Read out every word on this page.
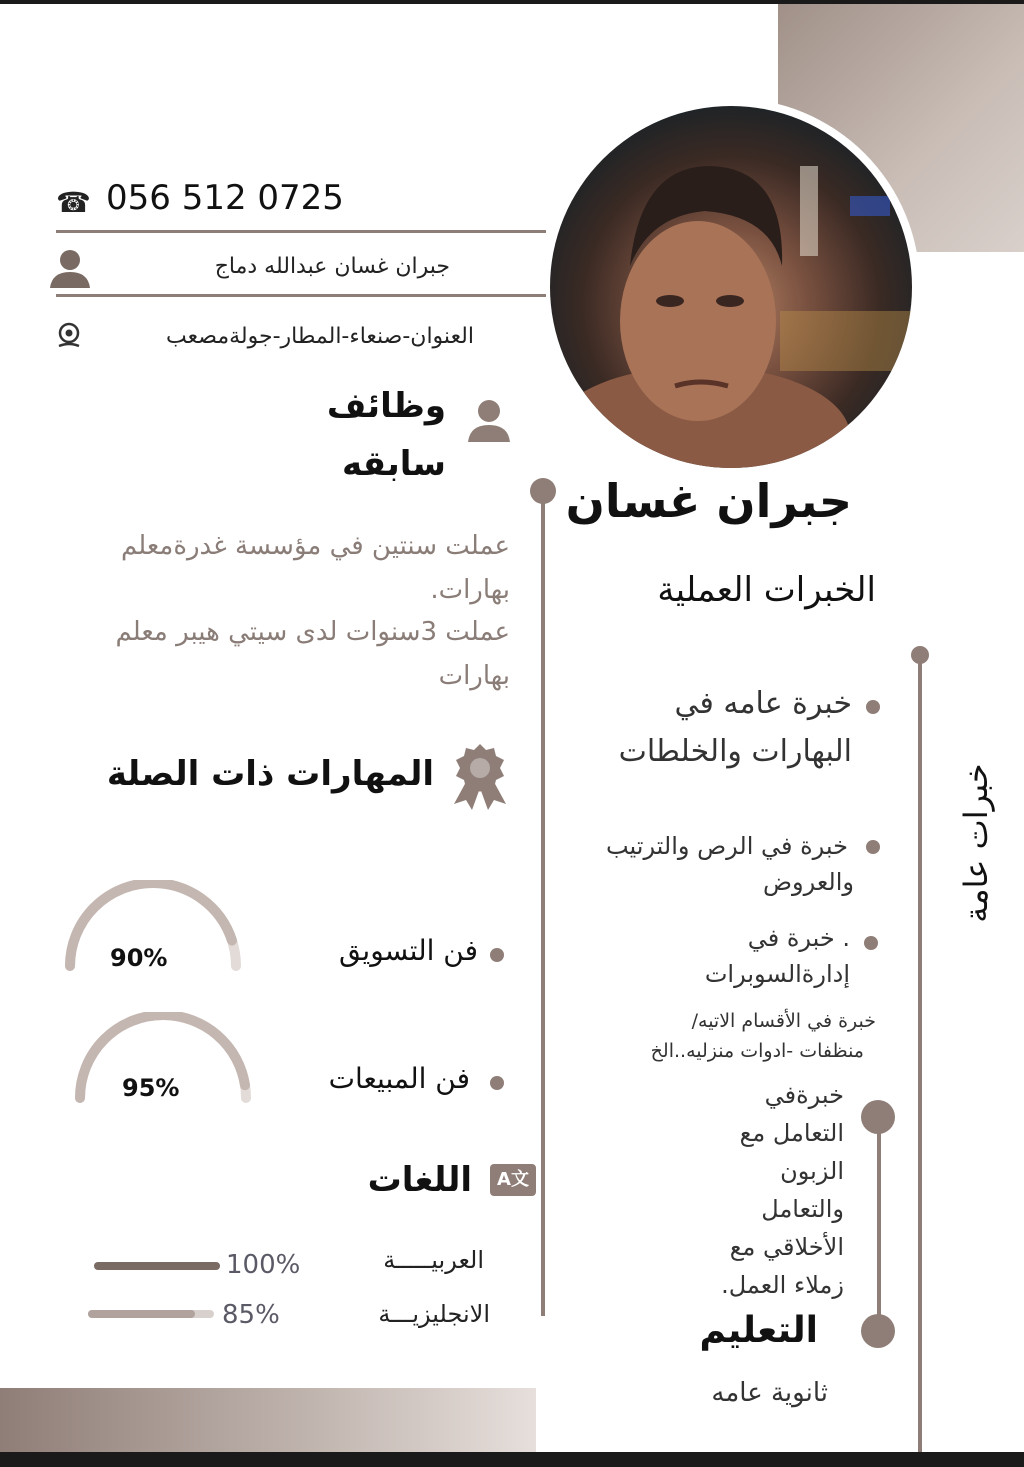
☎ 056 512 0725
جبران غسان عبدالله دماج
العنوان-صنعاء-المطار-جولةمصعب
وظائف
سابقه
عملت سنتين في مؤسسة غدرةمعلم
بهارات.
عملت 3سنوات لدى سيتي هيبر معلم
بهارات
المهارات ذات الصلة
90%	فن التسويق
95%	فن المبيعات
A文
اللغات
100%	العربيـــــة
85%	الانجليزيـــة
جبران غسان
الخبرات العملية
خبرات عامة
خبرة عامه في
البهارات والخلطات
خبرة في الرص والترتيب
والعروض
. خبرة في
إدارةالسوبرات
خبرة في الأقسام الاتيه/
منظفات -ادوات منزليه..الخ
خبرةفي
التعامل مع
الزبون
والتعامل
الأخلاقي مع
زملاء العمل.
التعليم
ثانوية عامه
